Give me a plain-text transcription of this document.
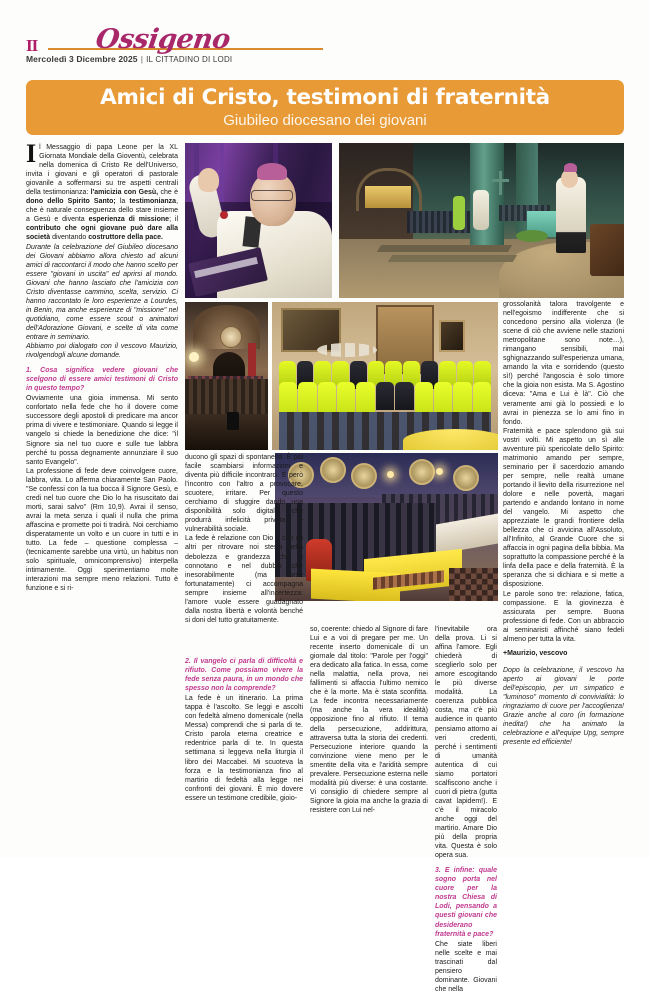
II Ossigeno
Mercoledì 3 Dicembre 2025 | IL CITTADINO DI LODI
Amici di Cristo, testimoni di fraternità
Giubileo diocesano dei giovani

Il Messaggio di papa Leone per la XL Giornata Mondiale della Gioventù, celebrata nella domenica di Cristo Re dell'Universo, invita i giovani e gli operatori di pastorale giovanile a soffermarsi su tre aspetti centrali della testimonianza: l'amicizia con Gesù, che è dono dello Spirito Santo; la testimonianza, che è naturale conseguenza dello stare insieme a Gesù e diventa esperienza di missione; il contributo che ogni giovane può dare alla società diventando costruttore della pace.

Durante la celebrazione del Giubileo diocesano dei Giovani abbiamo allora chiesto ad alcuni amici di raccontarci il modo che hanno scelto per essere "giovani in uscita" ed aprirsi al mondo. Giovani che hanno lasciato che l'amicizia con Cristo diventasse cammino, scelta, servizio. Ci hanno raccontato le loro esperienze a Lourdes, in Benin, ma anche esperienze di "missione" nel quotidiano, come essere scout o animatori dell'Adorazione Giovani, e scelte di vita come entrare in seminario.

Abbiamo poi dialogato con il vescovo Maurizio, rivolgendogli alcune domande.

1. Cosa significa vedere giovani che scelgono di essere amici testimoni di Cristo in questo tempo?

Ovviamente una gioia immensa. Mi sento confortato nella fede che ho il dovere come successore degli apostoli di predicare ma ancor prima di vivere e testimoniare. Quando si legge il vangelo si chiede la benedizione che dice: "il Signore sia nel tuo cuore e sulle tue labbra perché tu possa degnamente annunziare il suo santo Evangelo".

La professione di fede deve coinvolgere cuore, labbra, vita. Lo afferma chiaramente San Paolo. "Se confessi con la tua bocca il Signore Gesù, e credi nel tuo cuore che Dio lo ha risuscitato dai morti, sarai salvo" (Rm 10,9). Avrai il senso, avrai la meta senza i quali il nulla che prima affascina e promette poi ti tradirà. Noi cerchiamo disperatamente un volto e un cuore in tutti e in tutto. La fede – questione complessa – (tecnicamente sarebbe una virtù, un habitus non solo spirituale, omnicomprensivo) interpella intimamente. Oggi sperimentiamo molte interazioni ma sempre meno relazioni. Tutto è funzione e si ri-

ducono gli spazi di spontaneità. È più facile scambiarsi informazioni e diventa più difficile incontrarci. È però l'incontro con l'altro a provocare, scuotere, irritare. Per questo cerchiamo di sfuggire dando una disponibilità solo digitale, che produrrà infelicità privata e vulnerabilità sociale.

La fede è relazione con Dio e con gli altri per ritrovare noi stessi nella debolezza e grandezza che ci connotano e nel dubbio che inesorabilmente (ma forse fortunatamente) ci accompagna sempre insieme all'incertezza: l'amore vuole essere guadagnato dalla nostra libertà e volontà benché si doni del tutto gratuitamente.

2. Il vangelo ci parla di difficoltà e rifiuto. Come possiamo vivere la fede senza paura, in un mondo che spesso non la comprende?

La fede è un itinerario. La prima tappa è l'ascolto. Se leggi e ascolti con fedeltà almeno domenicale (nella Messa) comprendi che si parla di te. Cristo parola eterna creatrice e redentrice parla di te. In questa settimana si leggeva nella liturgia il libro dei Maccabei. Mi scuoteva la forza e la testimonianza fino al martirio di fedeltà alla legge nei confronti dei giovani. È mio dovere essere un testimone credibile, gioio-

so, coerente: chiedo al Signore di fare Lui e a voi di pregare per me. Un recente inserto domenicale di un giornale dal titolo: "Parole per l'oggi" era dedicato alla fatica. In essa, come nella malattia, nella prova, nei fallimenti si affaccia l'ultimo nemico che è la morte. Ma è stata sconfitta. La fede incontra necessariamente (ma anche la vera idealità) opposizione fino al rifiuto. Il tema della persecuzione, addirittura, attraversa tutta la storia dei credenti. Persecuzione interiore quando la convinzione viene meno per le smentite della vita e l'aridità sempre prevalere. Persecuzione esterna nelle modalità più diverse: è una costante. Vi consiglio di chiedere sempre al Signore la gioia ma anche la grazia di resistere con Lui nel-

l'inevitabile ora della prova. Li si affina l'amore. Egli chiederà di sceglierlo solo per amore escogitando le più diverse modalità. La coerenza pubblica costa, ma c'è più audience in quanto pensiamo attorno ai veri credenti, perché i sentimenti di umanità autentica di cui siamo portatori scalfiscono anche i cuori di pietra (gutta cavat lapidem!). E c'è il miracolo anche oggi del martirio. Amare Dio più della propria vita. Questa è solo opera sua.

3. E infine: quale sogno porta nel cuore per la nostra Chiesa di Lodi, pensando a questi giovani che desiderano fraternità e pace?

Che siate liberi nelle scelte e mai trascinati dal pensiero dominante. Giovani che nella

grossolanità talora travolgente e nell'egoismo indifferente che si concedono persino alla violenza (le scene di ciò che avviene nelle stazioni metropolitane sono note…), rimangano sensibili, mai sghignazzando sull'esperienza umana, amando la vita e sorridendo (questo sì!) perché l'angoscia è solo timore che la gioia non esista. Ma S. Agostino diceva: "Ama e Lui è là". Ciò che veramente ami già lo possiedi e lo avrai in pienezza se lo ami fino in fondo.

Fraternità e pace splendono già sui vostri volti. Mi aspetto un sì alle avventure più spericolate dello Spirito: matrimonio amando per sempre, seminario per il sacerdozio amando per sempre, nelle realtà umane portando il lievito della risurrezione nel dolore e nelle povertà, magari partendo e andando lontano in nome del vangelo. Mi aspetto che apprezziate le grandi frontiere della bellezza che ci avvicina all'Assoluto, all'Infinito, al Grande Cuore che si affaccia in ogni pagina della bibbia. Ma soprattutto la compassione perché è la linfa della pace e della fraternità. È la speranza che si dichiara e si mette a disposizione.

Le parole sono tre: relazione, fatica, compassione. E la giovinezza è assicurata per sempre. Buona professione di fede. Con un abbraccio ai seminaristi affinché siano fedeli almeno per tutta la vita.

+Maurizio, vescovo
Dopo la celebrazione, il vescovo ha aperto ai giovani le porte dell'episcopio, per un simpatico e "luminoso" momento di convivialità: lo ringraziamo di cuore per l'accoglienza! Grazie anche al coro (in formazione inedita!) che ha animato la celebrazione e all'equipe Upg, sempre presente ed efficiente!
